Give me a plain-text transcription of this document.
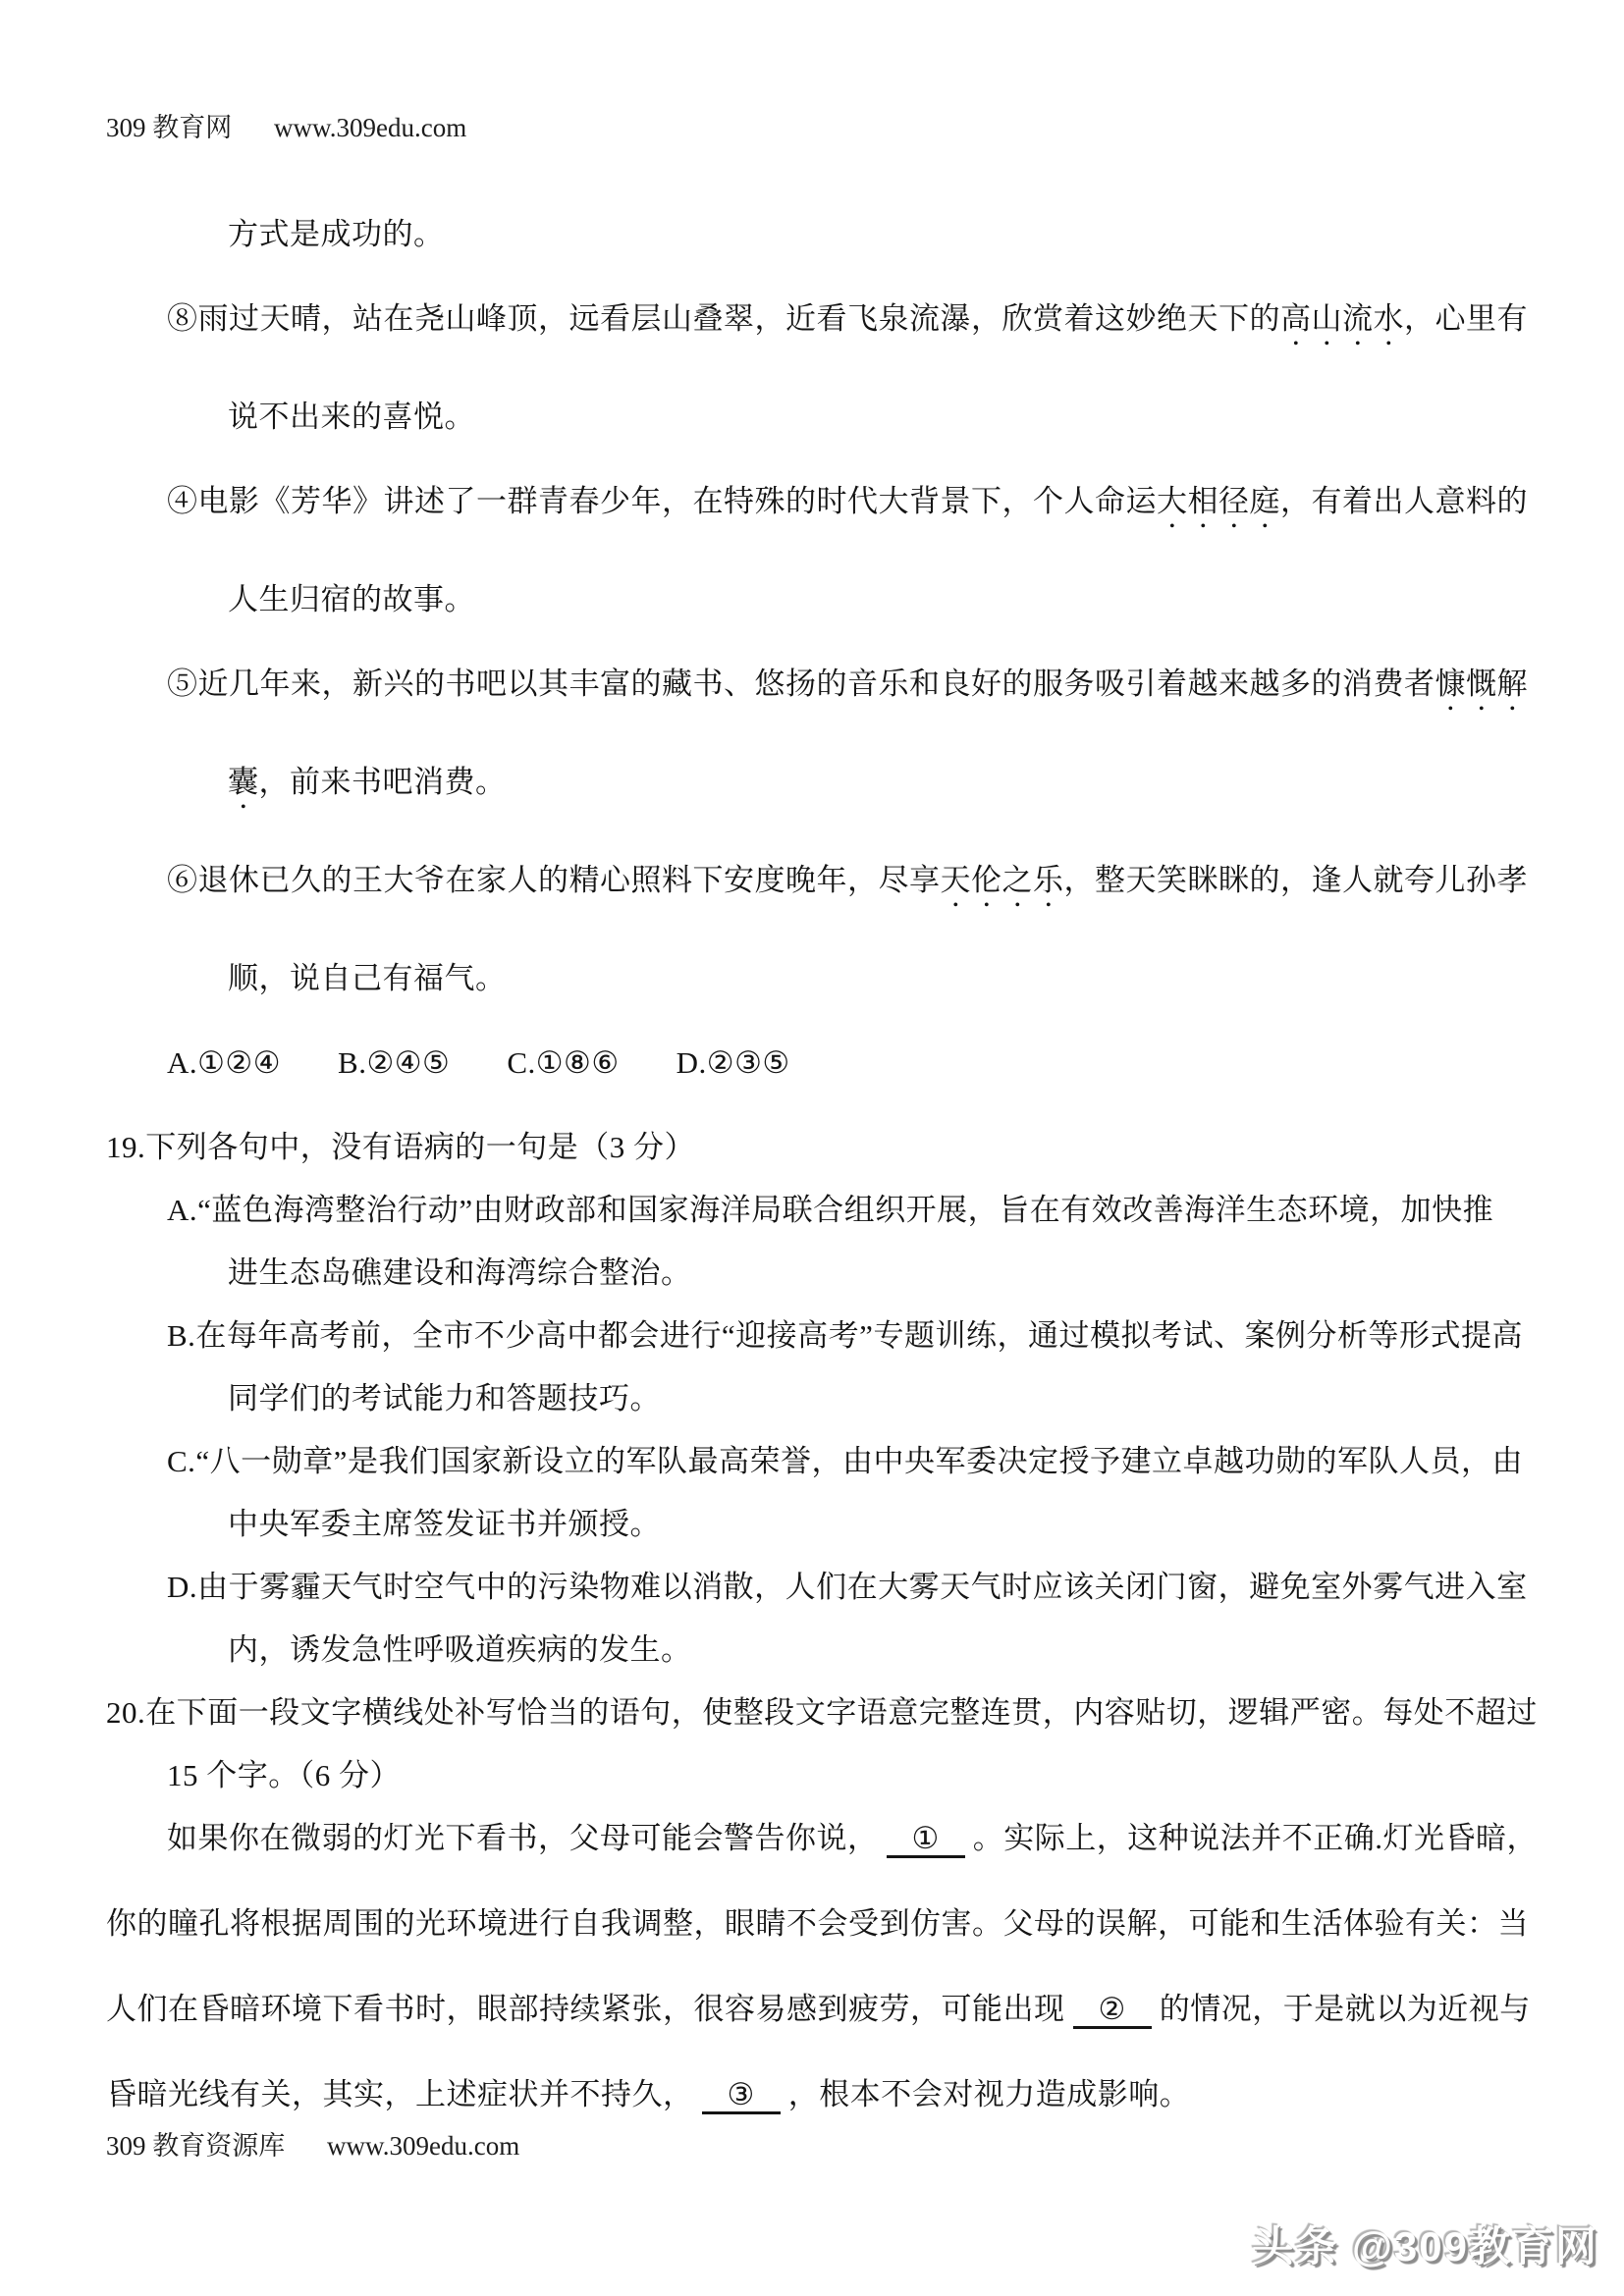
309 教育网 www.309edu.com
方式是成功的。
⑧雨过天晴，站在尧山峰顶，远看层山叠翠，近看飞泉流瀑，欣赏着这妙绝天下的高山流水，心里有
说不出来的喜悦。
④电影《芳华》讲述了一群青春少年，在特殊的时代大背景下，个人命运大相径庭，有着出人意料的
人生归宿的故事。
⑤近几年来，新兴的书吧以其丰富的藏书、悠扬的音乐和良好的服务吸引着越来越多的消费者慷慨解
囊，前来书吧消费。
⑥退休已久的王大爷在家人的精心照料下安度晚年，尽享天伦之乐，整天笑眯眯的，逢人就夸儿孙孝
顺，说自己有福气。
A.①②④ B.②④⑤ C.①⑧⑥ D.②③⑤
19.下列各句中，没有语病的一句是（3 分）
A.“蓝色海湾整治行动”由财政部和国家海洋局联合组织开展，旨在有效改善海洋生态环境，加快推
进生态岛礁建设和海湾综合整治。
B.在每年高考前，全市不少高中都会进行“迎接高考”专题训练，通过模拟考试、案例分析等形式提高
同学们的考试能力和答题技巧。
C.“八一勋章”是我们国家新设立的军队最高荣誉，由中央军委决定授予建立卓越功勋的军队人员，由
中央军委主席签发证书并颁授。
D.由于雾霾天气时空气中的污染物难以消散，人们在大雾天气时应该关闭门窗，避免室外雾气进入室
内，诱发急性呼吸道疾病的发生。
20.在下面一段文字横线处补写恰当的语句，使整段文字语意完整连贯，内容贴切，逻辑严密。每处不超过
15 个字。（6 分）
如果你在微弱的灯光下看书，父母可能会警告你说， ① 。实际上，这种说法并不正确.灯光昏暗，
你的瞳孔将根据周围的光环境进行自我调整，眼睛不会受到仿害。父母的误解，可能和生活体验有关：当
人们在昏暗环境下看书时，眼部持续紧张，很容易感到疲劳，可能出现 ② 的情况，于是就以为近视与
昏暗光线有关，其实，上述症状并不持久， ③ ，根本不会对视力造成影响。
309 教育资源库 www.309edu.com
头条 @309教育网
